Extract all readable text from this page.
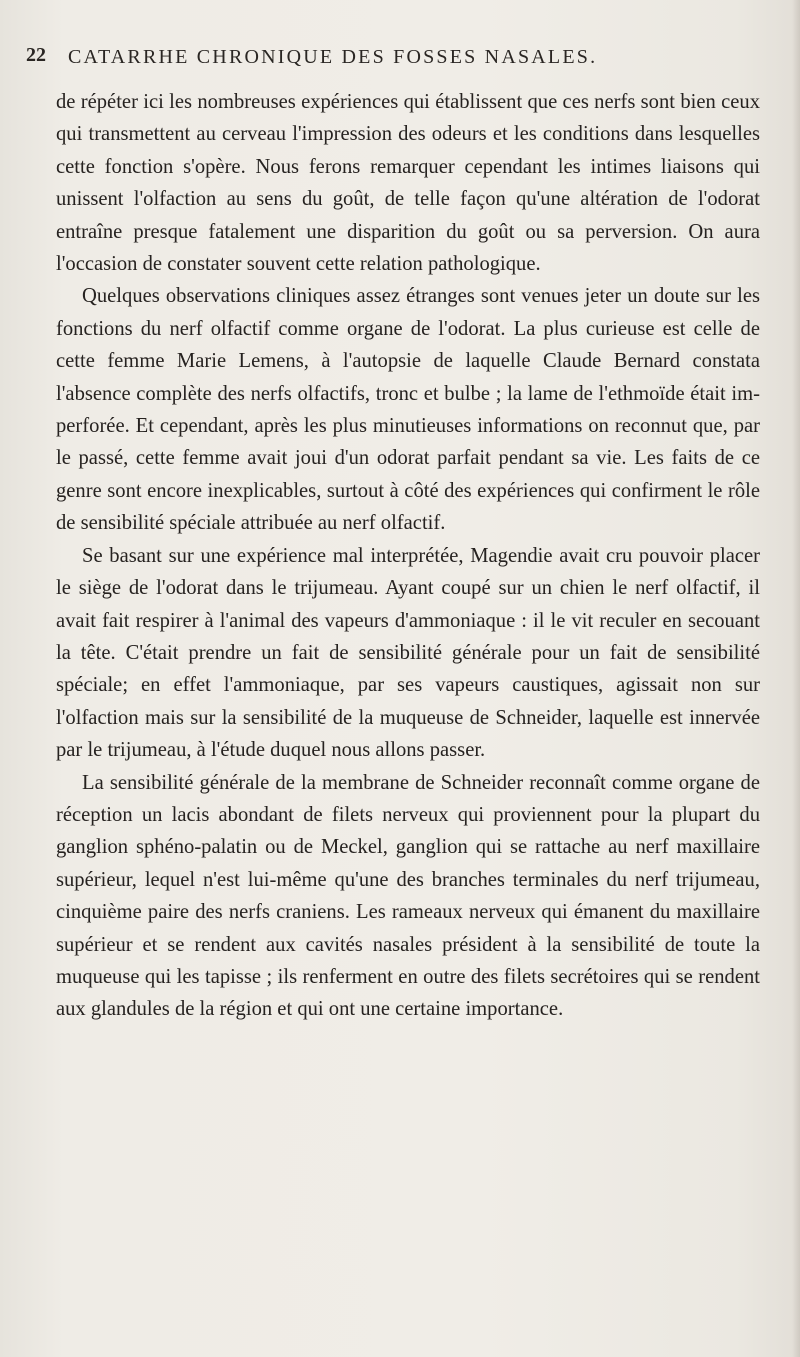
22 CATARRHE CHRONIQUE DES FOSSES NASALES.

de répéter ici les nombreuses expériences qui établissent que ces nerfs sont bien ceux qui transmettent au cerveau l'impression des odeurs et les conditions dans lesquelles cette fonction s'opère. Nous ferons remarquer cependant les intimes liaisons qui unissent l'olfaction au sens du goût, de telle façon qu'une altération de l'odorat entraîne presque fatalement une disparition du goût ou sa perversion. On aura l'occasion de constater souvent cette relation pathologique.

Quelques observations cliniques assez étranges sont venues jeter un doute sur les fonctions du nerf olfactif comme organe de l'odorat. La plus curieuse est celle de cette femme Marie Lemens, à l'autopsie de laquelle Claude Bernard constata l'absence complète des nerfs olfactifs, tronc et bulbe ; la lame de l'ethmoïde était imperforée. Et cependant, après les plus minutieuses informations on reconnut que, par le passé, cette femme avait joui d'un odorat parfait pendant sa vie. Les faits de ce genre sont encore inexplicables, surtout à côté des expériences qui confirment le rôle de sensibilité spéciale attribuée au nerf olfactif.

Se basant sur une expérience mal interprétée, Magendie avait cru pouvoir placer le siège de l'odorat dans le trijumeau. Ayant coupé sur un chien le nerf olfactif, il avait fait respirer à l'animal des vapeurs d'ammoniaque : il le vit reculer en secouant la tête. C'était prendre un fait de sensibilité générale pour un fait de sensibilité spéciale; en effet l'ammoniaque, par ses vapeurs caustiques, agissait non sur l'olfaction mais sur la sensibilité de la muqueuse de Schneider, laquelle est innervée par le trijumeau, à l'étude duquel nous allons passer.

La sensibilité générale de la membrane de Schneider reconnaît comme organe de réception un lacis abondant de filets nerveux qui proviennent pour la plupart du ganglion sphéno-palatin ou de Meckel, ganglion qui se rattache au nerf maxillaire supérieur, lequel n'est lui-même qu'une des branches terminales du nerf trijumeau, cinquième paire des nerfs craniens. Les rameaux nerveux qui émanent du maxillaire supérieur et se rendent aux cavités nasales président à la sensibilité de toute la muqueuse qui les tapisse ; ils renferment en outre des filets secrétoires qui se rendent aux glandules de la région et qui ont une certaine importance.
